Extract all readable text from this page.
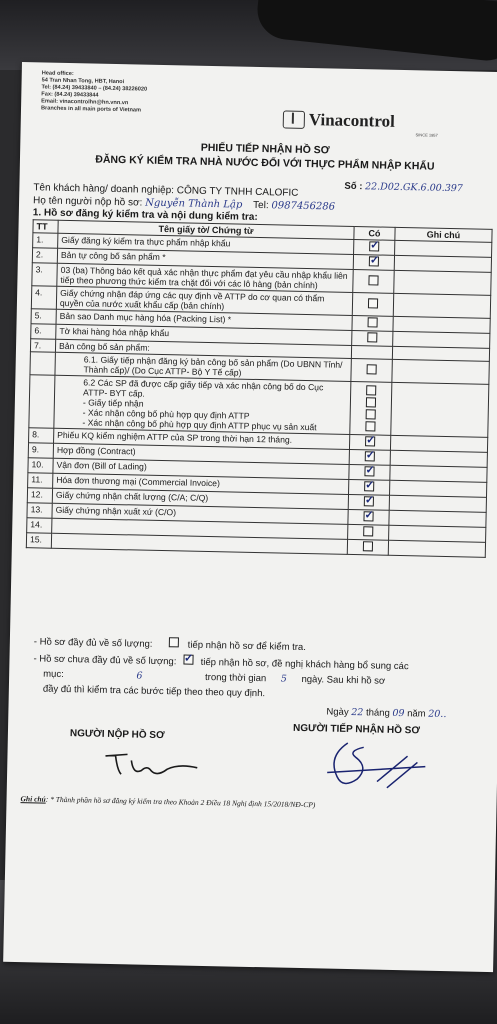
Head office:
54 Tran Nhan Tong, HBT, Hanoi
Tel: (84.24) 39433840 – (84.24) 38226020
Fax: (84.24) 39433844
Email: vinacontrolhn@hn.vnn.vn
Branches in all main ports of Vietnam
Vinacontrol
SINCE 1957
PHIẾU TIẾP NHẬN HỒ SƠ
ĐĂNG KÝ KIỂM TRA NHÀ NƯỚC ĐỐI VỚI THỰC PHẨM NHẬP KHẨU
Số : 22.D02.GK.6.00.397
Tên khách hàng/ doanh nghiệp: CÔNG TY TNHH CALOFIC
Họ tên người nộp hồ sơ: Nguyễn Thành Lập Tel: 0987456286
1. Hồ sơ đăng ký kiểm tra và nội dung kiểm tra:
TT	Tên giấy tờ/ Chứng từ	Có	Ghi chú
1.	Giấy đăng ký kiểm tra thực phẩm nhập khẩu	✓	
2.	Bản tự công bố sản phẩm *	✓	
3.	03 (ba) Thông báo kết quả xác nhận thực phẩm đạt yêu cầu nhập khẩu liên tiếp theo phương thức kiểm tra chặt đối với các lô hàng (bản chính)		
4.	Giấy chứng nhận đáp ứng các quy định về ATTP do cơ quan có thẩm quyền của nước xuất khẩu cấp (bản chính)		
5.	Bản sao Danh mục hàng hóa (Packing List) *		
6.	Tờ khai hàng hóa nhập khẩu		
7.	Bản công bố sản phẩm:		
	6.1. Giấy tiếp nhận đăng ký bản công bố sản phẩm (Do UBNN Tỉnh/ Thành cấp)/ (Do Cục ATTP- Bộ Y Tế cấp)		

	6.2 Các SP đã được cấp giấy tiếp và xác nhận công bố do Cục ATTP- BYT cấp.
- Giấy tiếp nhận
- Xác nhận công bố phù hợp quy định ATTP
- Xác nhận công bố phù hợp quy định ATTP phục vụ sản xuất		

8.	Phiếu KQ kiểm nghiệm ATTP của SP trong thời hạn 12 tháng.	✓	
9.	Hợp đồng (Contract)	✓	
10.	Vận đơn (Bill of Lading)	✓	
11.	Hóa đơn thương mại (Commercial Invoice)	✓	
12.	Giấy chứng nhận chất lượng (C/A; C/Q)	✓	
13.	Giấy chứng nhận xuất xứ (C/O)	✓	
14.			
15.			
- Hồ sơ đầy đủ về số lượng:	tiếp nhận hồ sơ để kiểm tra.
- Hồ sơ chưa đầy đủ về số lượng: ✓	tiếp nhận hồ sơ, đề nghị khách hàng bổ sung các
mục:	6	trong thời gian 5 ngày. Sau khi hồ sơ
đầy đủ thì kiểm tra các bước tiếp theo theo quy định.
Ngày 22 tháng 09 năm 20..
NGƯỜI NỘP HỒ SƠ	NGƯỜI TIẾP NHẬN HỒ SƠ
Ghi chú: * Thành phần hồ sơ đăng ký kiểm tra theo Khoản 2 Điều 18 Nghị định 15/2018/NĐ-CP)
